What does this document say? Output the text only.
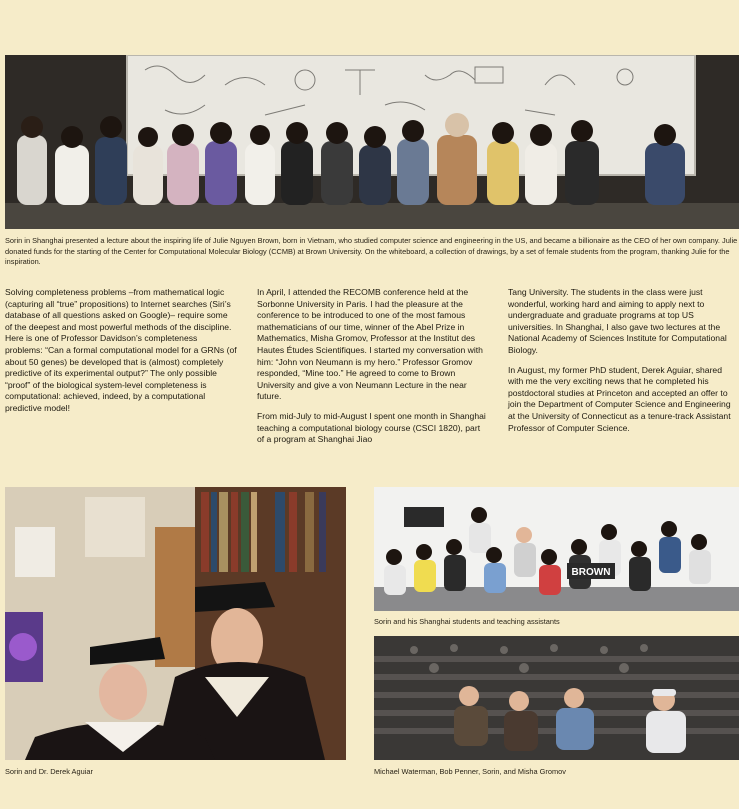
Sorin in Shanghai presented a lecture about the inspiring life of Julie Nguyen Brown, born in Vietnam, who studied computer science and engineering in the US, and became a billionaire as the CEO of her own company. Julie donated funds for the starting of the Center for Computational Molecular Biology (CCMB) at Brown University. On the whiteboard, a collection of drawings, by a set of female students from the program, thanking Julie for the inspiration.

Solving completeness problems –from mathematical logic (capturing all “true” propositions) to Internet searches (Siri’s database of all questions asked on Google)– require some of the deepest and most powerful methods of the discipline. Here is one of Professor Davidson’s completeness problems: “Can a formal computational model for a GRNs (of about 50 genes) be developed that is (almost) completely predictive of its experimental output?” The only possible “proof” of the biological system-level completeness is computational: achieved, indeed, by a computational predictive model!

In April, I attended the RECOMB conference held at the Sorbonne University in Paris. I had the pleasure at the conference to be introduced to one of the most famous mathematicians of our time, winner of the Abel Prize in Mathematics, Misha Gromov, Professor at the Institut des Hautes Études Scientifiques. I started my conversation with him: “John von Neumann is my hero.” Professor Gromov responded, “Mine too.” He agreed to come to Brown University and give a von Neumann Lecture in the near future.

From mid-July to mid-August I spent one month in Shanghai teaching a computational biology course (CSCI 1820), part of a program at Shanghai Jiao

Tang University. The students in the class were just wonderful, working hard and aiming to apply next to undergraduate and graduate programs at top US universities. In Shanghai, I also gave two lectures at the National Academy of Sciences Institute for Computational Biology.

In August, my former PhD student, Derek Aguiar, shared with me the very exciting news that he completed his postdoctoral studies at Princeton and accepted an offer to join the Department of Computer Science and Engineering at the University of Connecticut as a tenure-track Assistant Professor of Computer Science.

Sorin and Dr. Derek Aguiar
BROWN
Sorin and his Shanghai students and teaching assistants
Michael Waterman, Bob Penner, Sorin, and Misha Gromov
